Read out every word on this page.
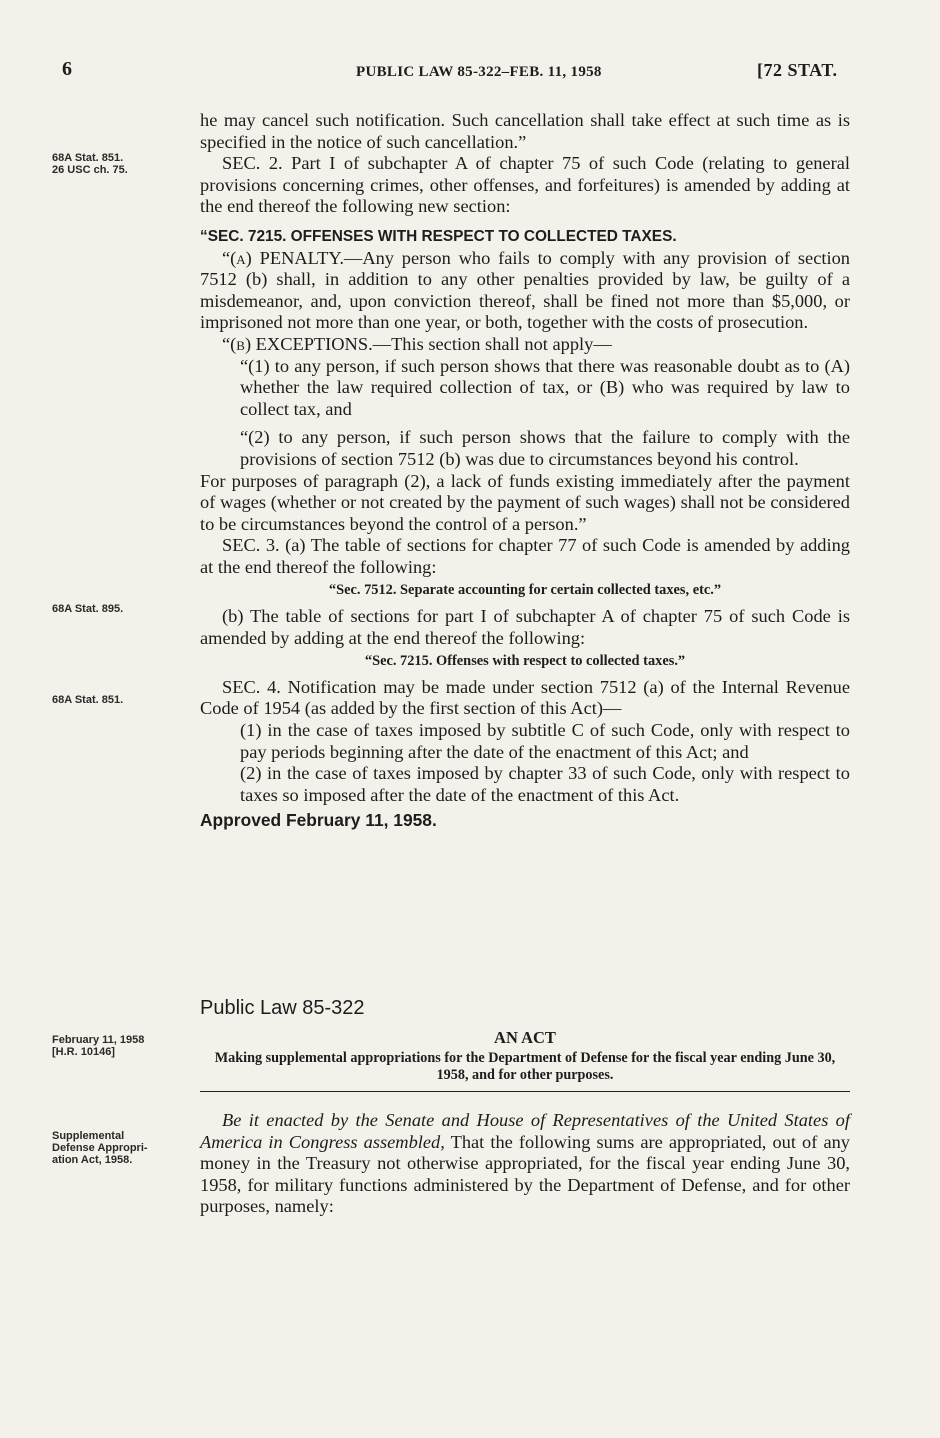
6	PUBLIC LAW 85-322–FEB. 11, 1958	[72 STAT.
68A Stat. 851.
26 USC ch. 75.
68A Stat. 895.
68A Stat. 851.
February 11, 1958
[H.R. 10146]
Supplemental
Defense Appropri-
ation Act, 1958.

he may cancel such notification. Such cancellation shall take effect at such time as is specified in the notice of such cancellation.”

SEC. 2. Part I of subchapter A of chapter 75 of such Code (relating to general provisions concerning crimes, other offenses, and forfeitures) is amended by adding at the end thereof the following new section:

“SEC. 7215. OFFENSES WITH RESPECT TO COLLECTED TAXES.

“(a) PENALTY.—Any person who fails to comply with any provision of section 7512 (b) shall, in addition to any other penalties provided by law, be guilty of a misdemeanor, and, upon conviction thereof, shall be fined not more than $5,000, or imprisoned not more than one year, or both, together with the costs of prosecution.

“(b) EXCEPTIONS.—This section shall not apply—

“(1) to any person, if such person shows that there was reasonable doubt as to (A) whether the law required collection of tax, or (B) who was required by law to collect tax, and

“(2) to any person, if such person shows that the failure to comply with the provisions of section 7512 (b) was due to circumstances beyond his control.

For purposes of paragraph (2), a lack of funds existing immediately after the payment of wages (whether or not created by the payment of such wages) shall not be considered to be circumstances beyond the control of a person.”

SEC. 3. (a) The table of sections for chapter 77 of such Code is amended by adding at the end thereof the following:

“Sec. 7512. Separate accounting for certain collected taxes, etc.”

(b) The table of sections for part I of subchapter A of chapter 75 of such Code is amended by adding at the end thereof the following:

“Sec. 7215. Offenses with respect to collected taxes.”

SEC. 4. Notification may be made under section 7512 (a) of the Internal Revenue Code of 1954 (as added by the first section of this Act)—

(1) in the case of taxes imposed by subtitle C of such Code, only with respect to pay periods beginning after the date of the enactment of this Act; and

(2) in the case of taxes imposed by chapter 33 of such Code, only with respect to taxes so imposed after the date of the enactment of this Act.

Approved February 11, 1958.

Public Law 85-322
AN ACT
Making supplemental appropriations for the Department of Defense for the fiscal year ending June 30, 1958, and for other purposes.

Be it enacted by the Senate and House of Representatives of the United States of America in Congress assembled, That the following sums are appropriated, out of any money in the Treasury not otherwise appropriated, for the fiscal year ending June 30, 1958, for military functions administered by the Department of Defense, and for other purposes, namely:
